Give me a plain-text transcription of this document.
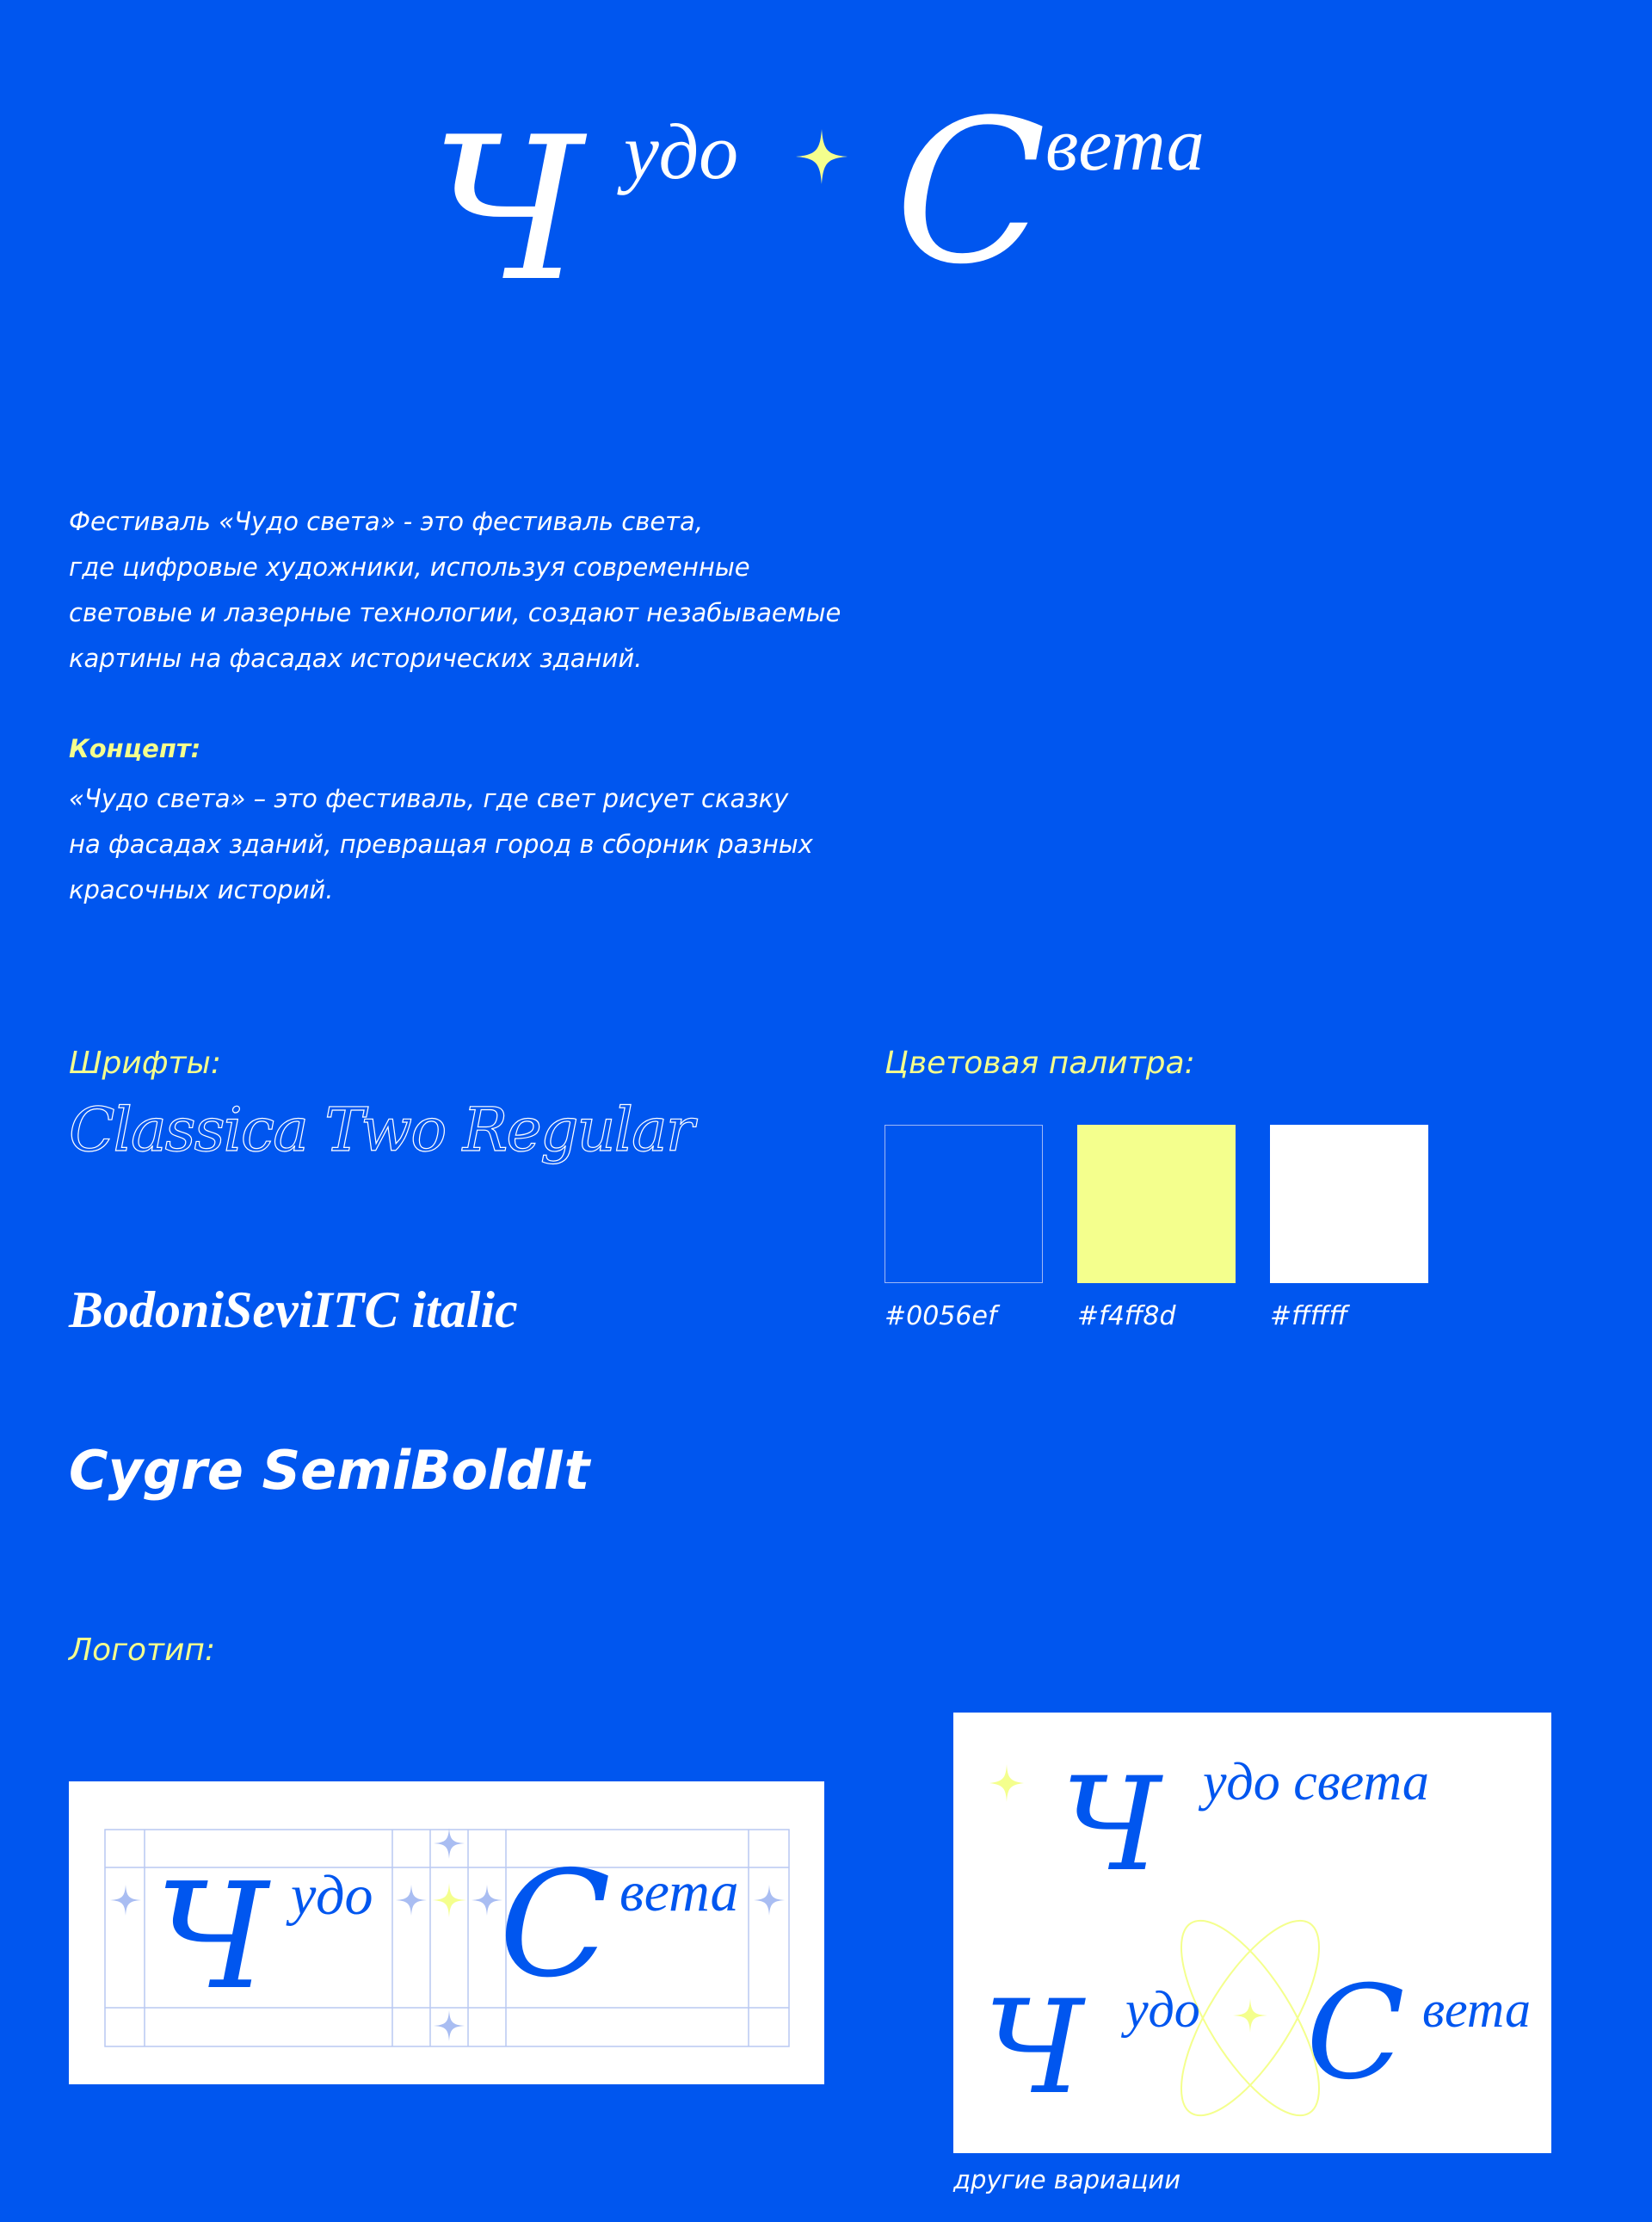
Ч удо С вета
Фестиваль «Чудо света» - это фестиваль света,
где цифровые художники, используя современные
световые и лазерные технологии, создают незабываемые
картины на фасадах исторических зданий.
Концепт:
«Чудо света» – это фестиваль, где свет рисует сказку
на фасадах зданий, превращая город в сборник разных
красочных историй.
Шрифты:
Classica Two Regular
BodoniSeviITC italic
Cygre SemiBoldIt
Цветовая палитра:
#0056ef	#f4ff8d	#ffffff
Логотип:
Ч удо С вета Ч удо света
Ч удо С вета
другие вариации
